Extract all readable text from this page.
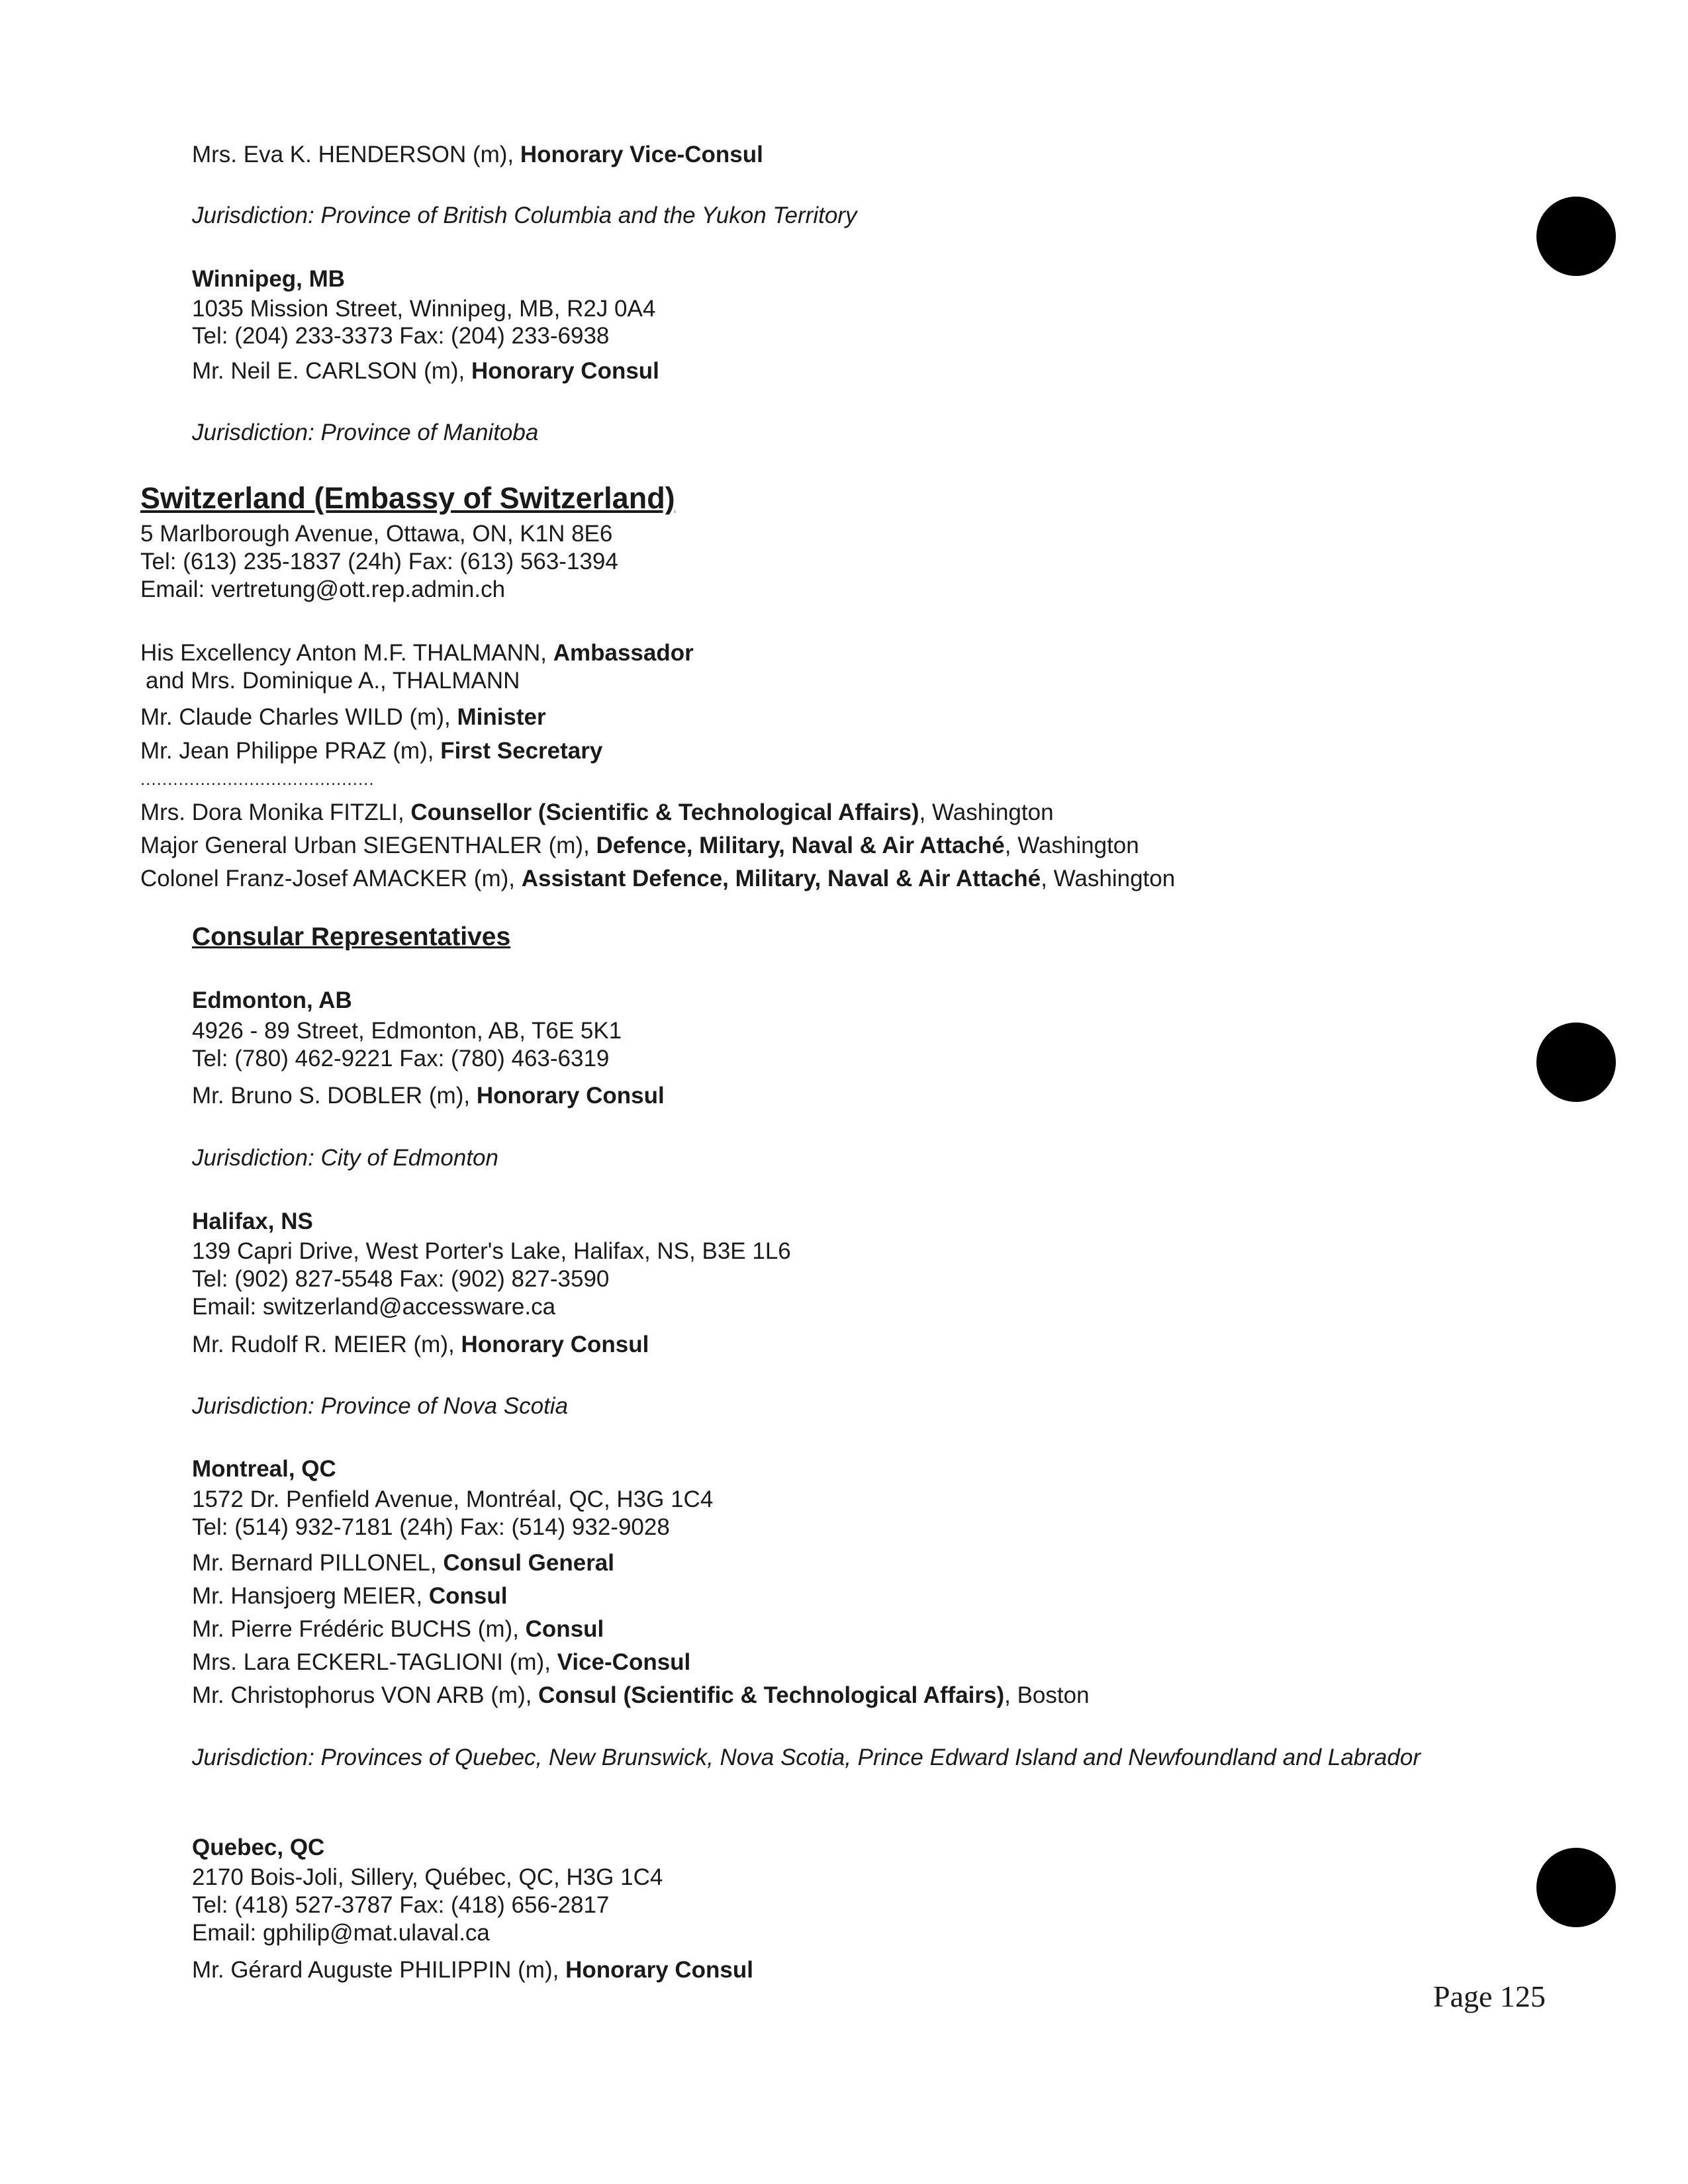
Mrs. Eva K. HENDERSON (m), Honorary Vice-Consul
Jurisdiction: Province of British Columbia and the Yukon Territory
Winnipeg, MB
1035 Mission Street, Winnipeg, MB, R2J 0A4
Tel: (204) 233-3373 Fax: (204) 233-6938
Mr. Neil E. CARLSON (m), Honorary Consul
Jurisdiction: Province of Manitoba
Switzerland (Embassy of Switzerland)
5 Marlborough Avenue, Ottawa, ON, K1N 8E6
Tel: (613) 235-1837 (24h) Fax: (613) 563-1394
Email: vertretung@ott.rep.admin.ch
His Excellency Anton M.F. THALMANN, Ambassador
and Mrs. Dominique A., THALMANN
Mr. Claude Charles WILD (m), Minister
Mr. Jean Philippe PRAZ (m), First Secretary
...........................................
Mrs. Dora Monika FITZLI, Counsellor (Scientific & Technological Affairs), Washington
Major General Urban SIEGENTHALER (m), Defence, Military, Naval & Air Attaché, Washington
Colonel Franz-Josef AMACKER (m), Assistant Defence, Military, Naval & Air Attaché, Washington
Consular Representatives
Edmonton, AB
4926 - 89 Street, Edmonton, AB, T6E 5K1
Tel: (780) 462-9221 Fax: (780) 463-6319
Mr. Bruno S. DOBLER (m), Honorary Consul
Jurisdiction: City of Edmonton
Halifax, NS
139 Capri Drive, West Porter's Lake, Halifax, NS, B3E 1L6
Tel: (902) 827-5548 Fax: (902) 827-3590
Email: switzerland@accessware.ca
Mr. Rudolf R. MEIER (m), Honorary Consul
Jurisdiction: Province of Nova Scotia
Montreal, QC
1572 Dr. Penfield Avenue, Montréal, QC, H3G 1C4
Tel: (514) 932-7181 (24h) Fax: (514) 932-9028
Mr. Bernard PILLONEL, Consul General
Mr. Hansjoerg MEIER, Consul
Mr. Pierre Frédéric BUCHS (m), Consul
Mrs. Lara ECKERL-TAGLIONI (m), Vice-Consul
Mr. Christophorus VON ARB (m), Consul (Scientific & Technological Affairs), Boston
Jurisdiction: Provinces of Quebec, New Brunswick, Nova Scotia, Prince Edward Island and Newfoundland and Labrador
Quebec, QC
2170 Bois-Joli, Sillery, Québec, QC, H3G 1C4
Tel: (418) 527-3787 Fax: (418) 656-2817
Email: gphilip@mat.ulaval.ca
Mr. Gérard Auguste PHILIPPIN (m), Honorary Consul
Page 125
